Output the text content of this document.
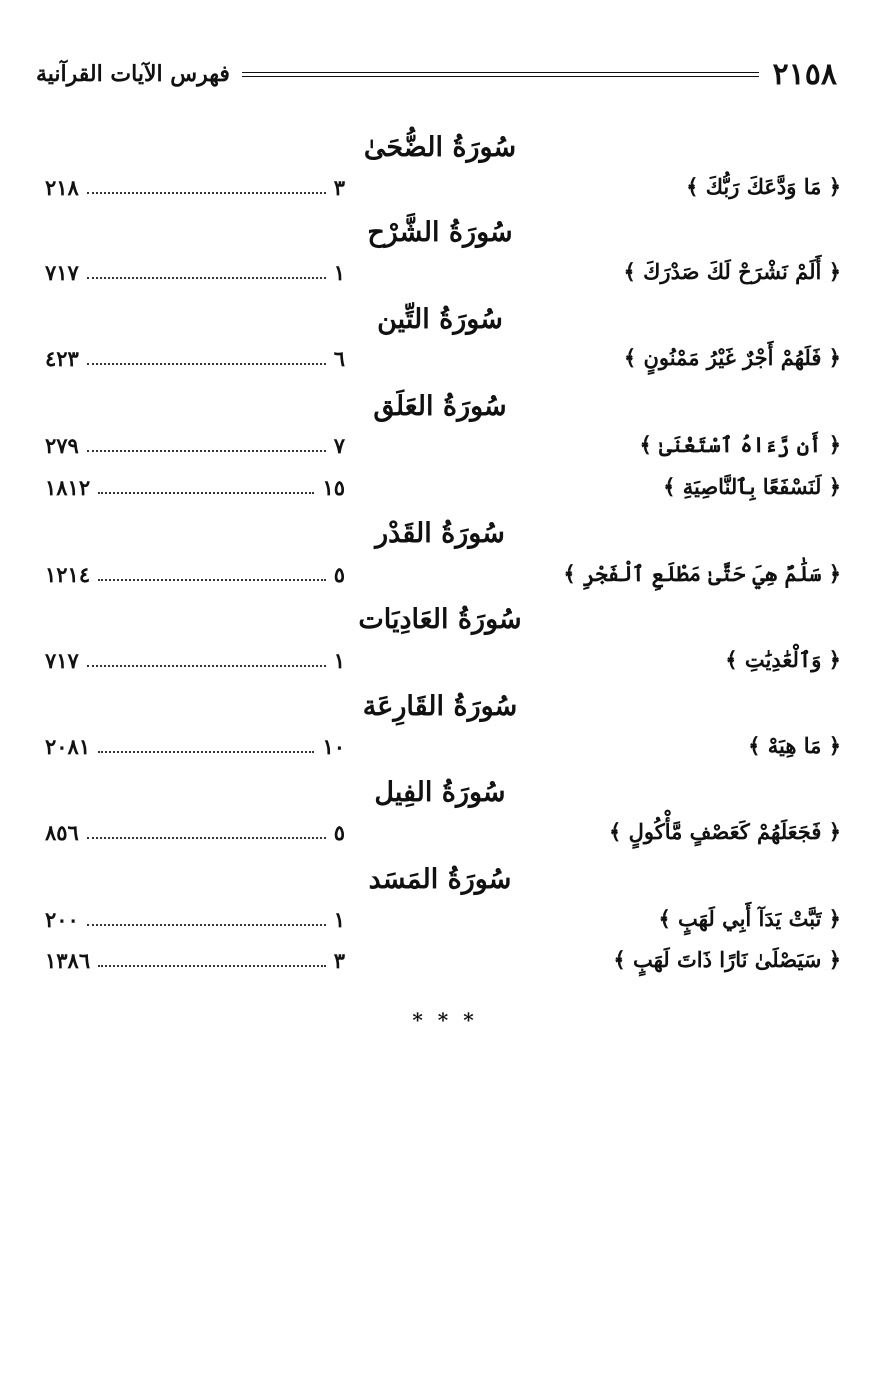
٢١٥٨
فهرس الآيات القرآنية
سُورَةُ الضُّحَىٰ
﴿ مَا وَدَّعَكَ رَبُّكَ ﴾
٣
٢١٨
سُورَةُ الشَّرْح
﴿ أَلَمْ نَشْرَحْ لَكَ صَدْرَكَ ﴾
١
٧١٧
سُورَةُ التِّين
﴿ فَلَهُمْ أَجْرٌ غَيْرُ مَمْنُونٍ ﴾
٦
٤٢٣
سُورَةُ العَلَق
﴿ أَن رَّءَاهُ ٱسْتَغْنَىٰ ﴾
٧
٢٧٩
﴿ لَنَسْفَعًا بِٱلنَّاصِيَةِ ﴾
١٥
١٨١٢
سُورَةُ القَدْر
﴿ سَلَٰمٌ هِيَ حَتَّىٰ مَطْلَعِ ٱلْفَجْرِ ﴾
٥
١٢١٤
سُورَةُ العَادِيَات
﴿ وَٱلْعَٰدِيَٰتِ ﴾
١
٧١٧
سُورَةُ القَارِعَة
﴿ مَا هِيَهْ ﴾
١٠
٢٠٨١
سُورَةُ الفِيل
﴿ فَجَعَلَهُمْ كَعَصْفٍ مَّأْكُولٍ ﴾
٥
٨٥٦
سُورَةُ المَسَد
﴿ تَبَّتْ يَدَآ أَبِي لَهَبٍ ﴾
١
٢٠٠
﴿ سَيَصْلَىٰ نَارًا ذَاتَ لَهَبٍ ﴾
٣
١٣٨٦
* * *
